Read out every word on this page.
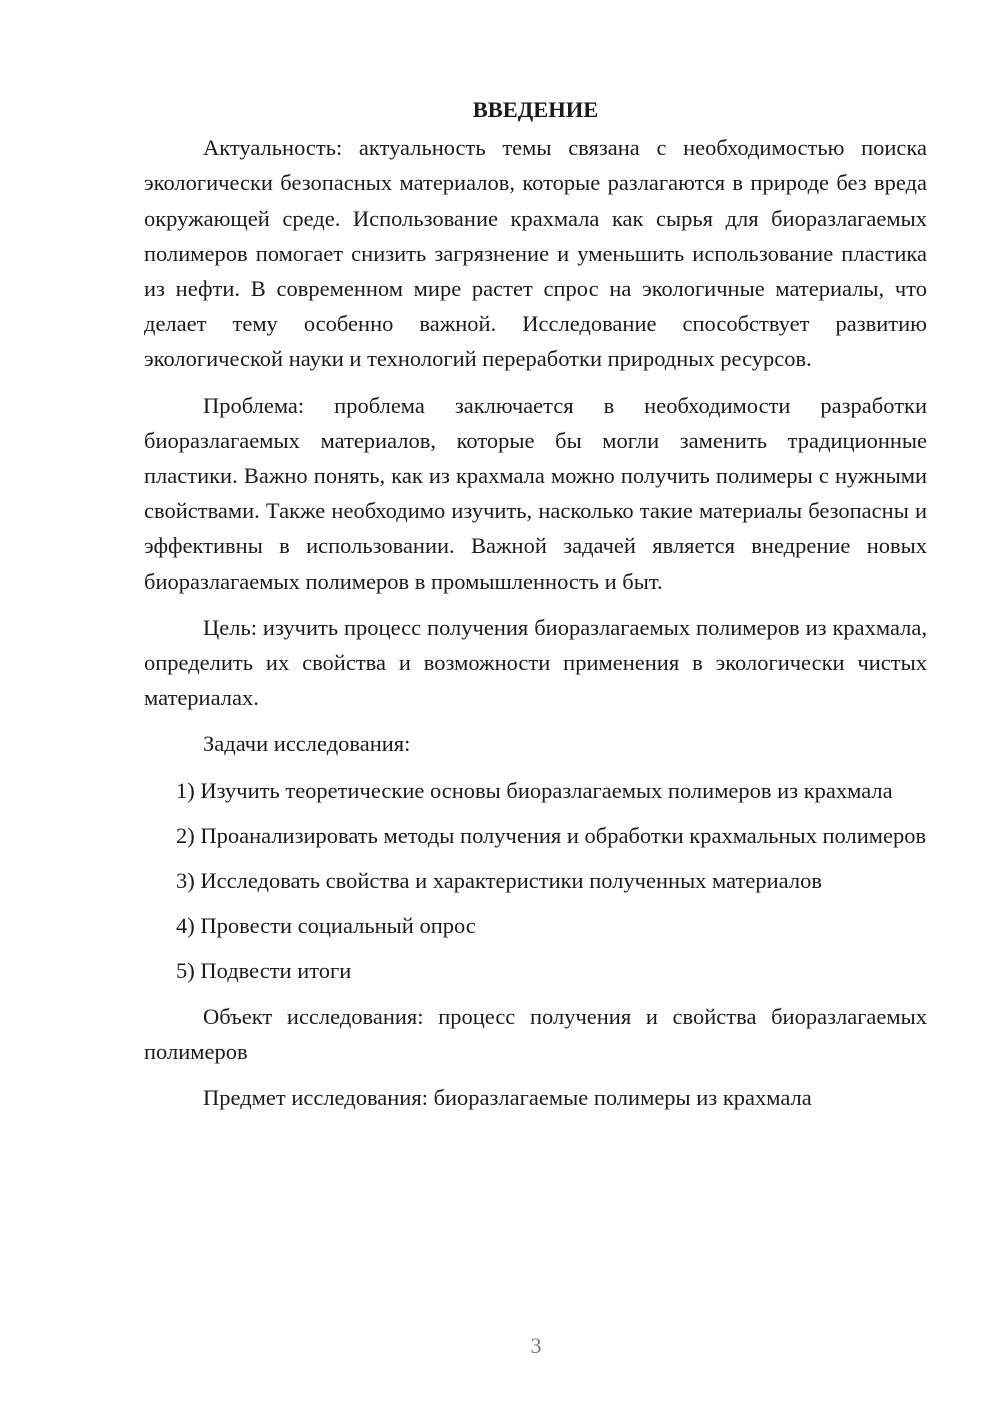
ВВЕДЕНИЕ

Актуальность: актуальность темы связана с необходимостью поиска экологически безопасных материалов, которые разлагаются в природе без вреда окружающей среде. Использование крахмала как сырья для биоразлагаемых полимеров помогает снизить загрязнение и уменьшить использование пластика из нефти. В современном мире растет спрос на экологичные материалы, что делает тему особенно важной. Исследование способствует развитию экологической науки и технологий переработки природных ресурсов.

Проблема: проблема заключается в необходимости разработки биоразлагаемых материалов, которые бы могли заменить традиционные пластики. Важно понять, как из крахмала можно получить полимеры с нужными свойствами. Также необходимо изучить, насколько такие материалы безопасны и эффективны в использовании. Важной задачей является внедрение новых биоразлагаемых полимеров в промышленность и быт.

Цель: изучить процесс получения биоразлагаемых полимеров из крахмала, определить их свойства и возможности применения в экологически чистых материалах.

Задачи исследования:

1) Изучить теоретические основы биоразлагаемых полимеров из крахмала

2) Проанализировать методы получения и обработки крахмальных полимеров

3) Исследовать свойства и характеристики полученных материалов

4) Провести социальный опрос

5) Подвести итоги

Объект исследования: процесс получения и свойства биоразлагаемых полимеров

Предмет исследования: биоразлагаемые полимеры из крахмала

3
